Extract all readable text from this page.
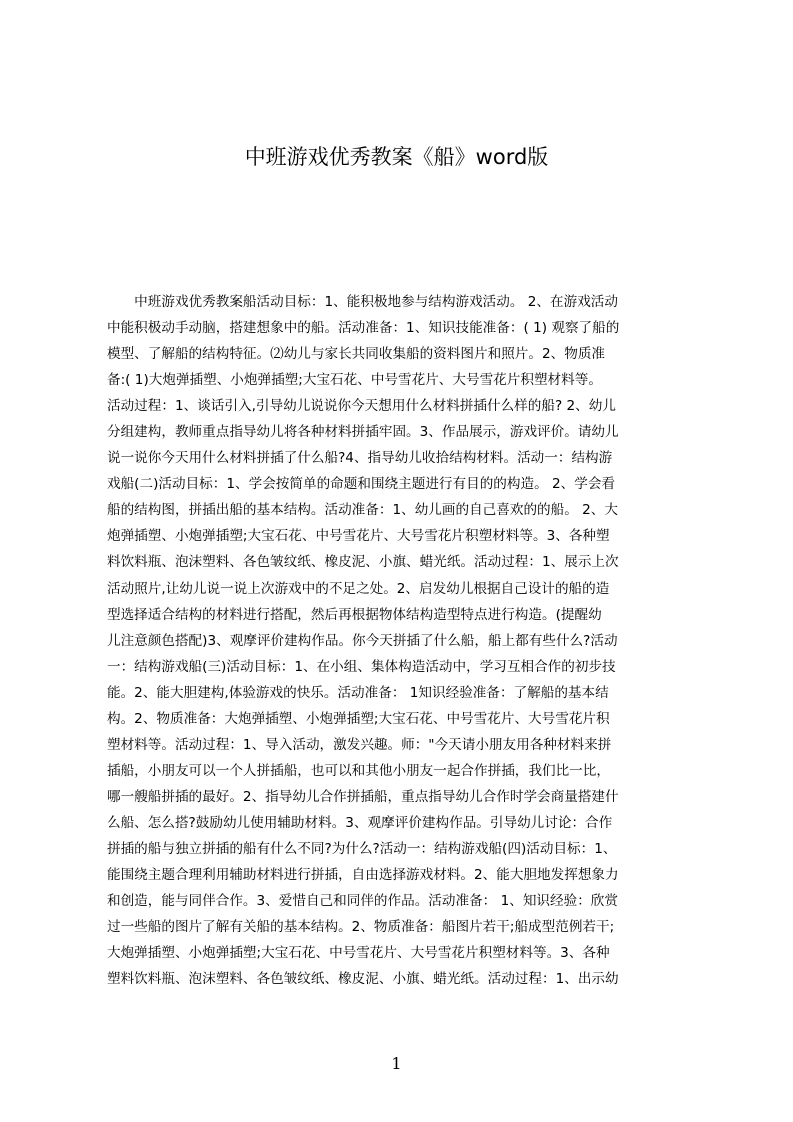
中班游戏优秀教案《船》word版
　　中班游戏优秀教案船活动目标：1、能积极地参与结构游戏活动。 2、在游戏活动
中能积极动手动脑，搭建想象中的船。活动准备：1、知识技能准备：( 1) 观察了船的
模型、了解船的结构特征。⑵幼儿与家长共同收集船的资料图片和照片。2、物质准
备:( 1)大炮弹插塑、小炮弹插塑;大宝石花、中号雪花片、大号雪花片积塑材料等。
活动过程：1、谈话引入,引导幼儿说说你今天想用什么材料拼插什么样的船? 2、幼儿
分组建构，教师重点指导幼儿将各种材料拼插牢固。3、作品展示，游戏评价。请幼儿
说一说你今天用什么材料拼插了什么船?4、指导幼儿收拾结构材料。活动一：结构游
戏船(二)活动目标：1、学会按简单的命题和围绕主题进行有目的的构造。 2、学会看
船的结构图，拼插出船的基本结构。活动准备：1、幼儿画的自己喜欢的的船。 2、大
炮弹插塑、小炮弹插塑;大宝石花、中号雪花片、大号雪花片积塑材料等。3、各种塑
料饮料瓶、泡沫塑料、各色皱纹纸、橡皮泥、小旗、蜡光纸。活动过程：1、展示上次
活动照片,让幼儿说一说上次游戏中的不足之处。2、启发幼儿根据自己设计的船的造
型选择适合结构的材料进行搭配，然后再根据物体结构造型特点进行构造。(提醒幼
儿注意颜色搭配)3、观摩评价建构作品。你今天拼插了什么船，船上都有些什么?活动
一：结构游戏船(三)活动目标：1、在小组、集体构造活动中，学习互相合作的初步技
能。2、能大胆建构,体验游戏的快乐。活动准备： 1知识经验准备：了解船的基本结
构。2、物质准备：大炮弹插塑、小炮弹插塑;大宝石花、中号雪花片、大号雪花片积
塑材料等。活动过程：1、导入活动，激发兴趣。师："今天请小朋友用各种材料来拼
插船，小朋友可以一个人拼插船，也可以和其他小朋友一起合作拼插，我们比一比，
哪一艘船拼插的最好。2、指导幼儿合作拼插船，重点指导幼儿合作时学会商量搭建什
么船、怎么搭?鼓励幼儿使用辅助材料。3、观摩评价建构作品。引导幼儿讨论：合作
拼插的船与独立拼插的船有什么不同?为什么?活动一：结构游戏船(四)活动目标：1、
能围绕主题合理利用辅助材料进行拼插，自由选择游戏材料。2、能大胆地发挥想象力
和创造，能与同伴合作。3、爱惜自己和同伴的作品。活动准备： 1、知识经验：欣赏
过一些船的图片了解有关船的基本结构。2、物质准备：船图片若干;船成型范例若干;
大炮弹插塑、小炮弹插塑;大宝石花、中号雪花片、大号雪花片积塑材料等。3、各种
塑料饮料瓶、泡沫塑料、各色皱纹纸、橡皮泥、小旗、蜡光纸。活动过程：1、出示幼
1
